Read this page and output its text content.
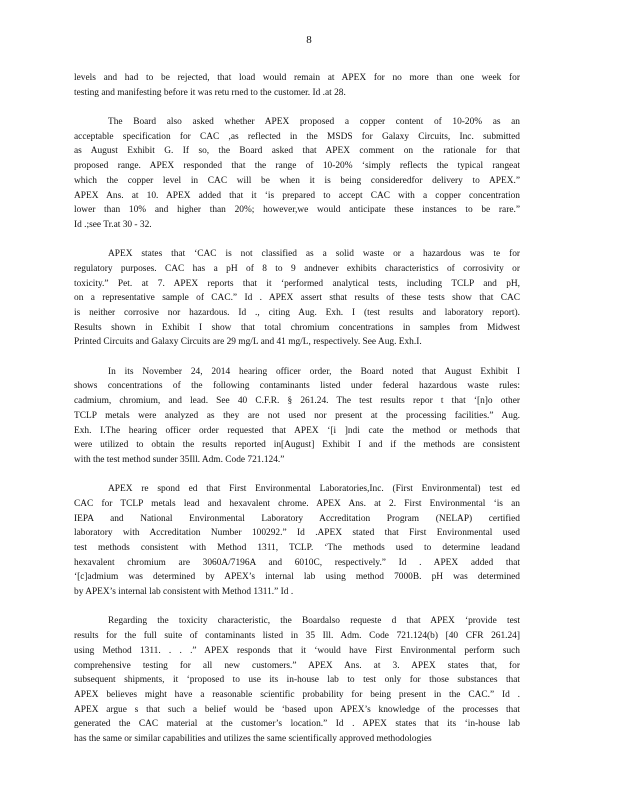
8
levels and had to be rejected, that load would remain at APEX for no more than one week for
testing and manifesting before it was retu rned to the customer. Id .at 28.
The Board also asked whether APEX proposed a copper content of 10-20% as an
acceptable specification for CAC ,as reflected in the MSDS for Galaxy Circuits, Inc. submitted
as August Exhibit G. If so, the Board asked that APEX comment on the rationale for that
proposed range. APEX responded that the range of 10-20% ‘simply reflects the typical rangeat
which the copper level in CAC will be when it is being consideredfor delivery to APEX.”
APEX Ans. at 10. APEX added that it ‘is prepared to accept CAC with a copper concentration
lower than 10% and higher than 20%; however,we would anticipate these instances to be rare.”
Id .;see Tr.at 30 - 32.
APEX states that ‘CAC is not classified as a solid waste or a hazardous was te for
regulatory purposes. CAC has a pH of 8 to 9 andnever exhibits characteristics of corrosivity or
toxicity.” Pet. at 7. APEX reports that it ‘performed analytical tests, including TCLP and pH,
on a representative sample of CAC.” Id . APEX assert sthat results of these tests show that CAC
is neither corrosive nor hazardous. Id ., citing Aug. Exh. I (test results and laboratory report).
Results shown in Exhibit I show that total chromium concentrations in samples from Midwest
Printed Circuits and Galaxy Circuits are 29 mg/L and 41 mg/L, respectively. See Aug. Exh.I.
In its November 24, 2014 hearing officer order, the Board noted that August Exhibit I
shows concentrations of the following contaminants listed under federal hazardous waste rules:
cadmium, chromium, and lead. See 40 C.F.R. § 261.24. The test results repor t that ‘[n]o other
TCLP metals were analyzed as they are not used nor present at the processing facilities.” Aug.
Exh. I.The hearing officer order requested that APEX ‘[i ]ndi cate the method or methods that
were utilized to obtain the results reported in[August] Exhibit I and if the methods are consistent
with the test method sunder 35Ill. Adm. Code 721.124.”
APEX re spond ed that First Environmental Laboratories,Inc. (First Environmental) test ed
CAC for TCLP metals lead and hexavalent chrome. APEX Ans. at 2. First Environmental ‘is an
IEPA and National Environmental Laboratory Accreditation Program (NELAP) certified
laboratory with Accreditation Number 100292.” Id .APEX stated that First Environmental used
test methods consistent with Method 1311, TCLP. ‘The methods used to determine leadand
hexavalent chromium are 3060A/7196A and 6010C, respectively.” Id . APEX added that
‘[c]admium was determined by APEX’s internal lab using method 7000B. pH was determined
by APEX’s internal lab consistent with Method 1311.” Id .
Regarding the toxicity characteristic, the Boardalso requeste d that APEX ‘provide test
results for the full suite of contaminants listed in 35 Ill. Adm. Code 721.124(b) [40 CFR 261.24]
using Method 1311. . . .” APEX responds that it ‘would have First Environmental perform such
comprehensive testing for all new customers.” APEX Ans. at 3. APEX states that, for
subsequent shipments, it ‘proposed to use its in-house lab to test only for those substances that
APEX believes might have a reasonable scientific probability for being present in the CAC.” Id .
APEX argue s that such a belief would be ‘based upon APEX’s knowledge of the processes that
generated the CAC material at the customer’s location.” Id . APEX states that its ‘in-house lab
has the same or similar capabilities and utilizes the same scientifically approved methodologies
